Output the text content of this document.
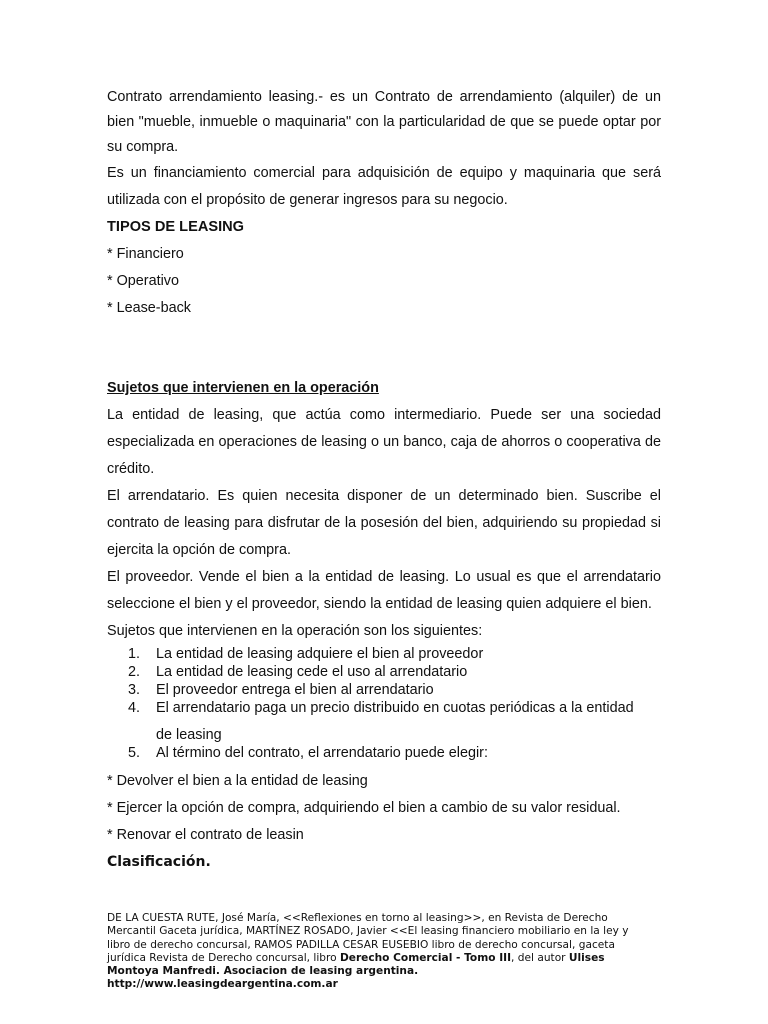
Contrato arrendamiento leasing.- es un Contrato de arrendamiento (alquiler) de un bien "mueble, inmueble o maquinaria" con la particularidad de que se puede optar por su compra.

Es un financiamiento comercial para adquisición de equipo y maquinaria que será utilizada con el propósito de generar ingresos para su negocio.

TIPOS DE LEASING

* Financiero

* Operativo

* Lease-back

Sujetos que intervienen en la operación

La entidad de leasing, que actúa como intermediario. Puede ser una sociedad especializada en operaciones de leasing o un banco, caja de ahorros o cooperativa de crédito.

El arrendatario. Es quien necesita disponer de un determinado bien. Suscribe el contrato de leasing para disfrutar de la posesión del bien, adquiriendo su propiedad si ejercita la opción de compra.

El proveedor. Vende el bien a la entidad de leasing. Lo usual es que el arrendatario seleccione el bien y el proveedor, siendo la entidad de leasing quien adquiere el bien.

Sujetos que intervienen en la operación son los siguientes:

1. La entidad de leasing adquiere el bien al proveedor
2. La entidad de leasing cede el uso al arrendatario
3. El proveedor entrega el bien al arrendatario
4. El arrendatario paga un precio distribuido en cuotas periódicas a la entidad
de leasing
5. Al término del contrato, el arrendatario puede elegir:

* Devolver el bien a la entidad de leasing

* Ejercer la opción de compra, adquiriendo el bien a cambio de su valor residual.

* Renovar el contrato de leasin

Clasificación.

DE LA CUESTA RUTE, José María, <<Reflexiones en torno al leasing>>, en Revista de Derecho Mercantil Gaceta jurídica, MARTÍNEZ ROSADO, Javier <<El leasing financiero mobiliario en la ley y libro de derecho concursal, RAMOS PADILLA CESAR EUSEBIO libro de derecho concursal, gaceta jurídica Revista de Derecho concursal, libro Derecho Comercial - Tomo III, del autor Ulises Montoya Manfredi. Asociacion de leasing argentina. http://www.leasingdeargentina.com.ar
